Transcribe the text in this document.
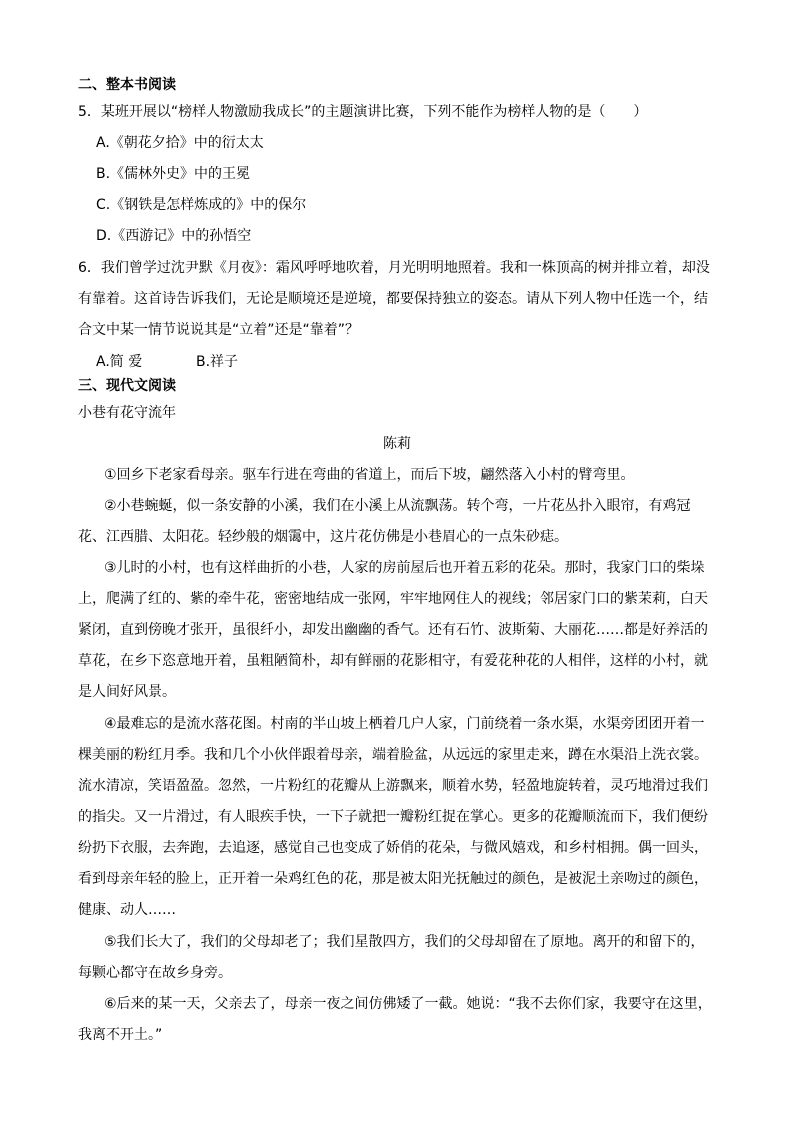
二、整本书阅读
5．某班开展以“榜样人物激励我成长”的主题演讲比赛，下列不能作为榜样人物的是（　　）
A.《朝花夕拾》中的衍太太
B.《儒林外史》中的王冕
C.《钢铁是怎样炼成的》中的保尔
D.《西游记》中的孙悟空
6．我们曾学过沈尹默《月夜》：霜风呼呼地吹着，月光明明地照着。我和一株顶高的树并排立着，却没
有靠着。这首诗告诉我们，无论是顺境还是逆境，都要保持独立的姿态。请从下列人物中任选一个，结
合文中某一情节说说其是“立着”还是“靠着”？
A.简 爱	B.祥子
三、现代文阅读
小巷有花守流年
陈莉
①回乡下老家看母亲。驱车行进在弯曲的省道上，而后下坡，翩然落入小村的臂弯里。
②小巷蜿蜒，似一条安静的小溪，我们在小溪上从流飘荡。转个弯，一片花丛扑入眼帘，有鸡冠
花、江西腊、太阳花。轻纱般的烟霭中，这片花仿佛是小巷眉心的一点朱砂痣。
③儿时的小村，也有这样曲折的小巷，人家的房前屋后也开着五彩的花朵。那时，我家门口的柴垛
上，爬满了红的、紫的牵牛花，密密地结成一张网，牢牢地网住人的视线；邻居家门口的紫茉莉，白天
紧闭，直到傍晚才张开，虽很纤小，却发出幽幽的香气。还有石竹、波斯菊、大丽花……都是好养活的
草花，在乡下恣意地开着，虽粗陋简朴，却有鲜丽的花影相守，有爱花种花的人相伴，这样的小村，就
是人间好风景。
④最难忘的是流水落花图。村南的半山坡上栖着几户人家，门前绕着一条水渠，水渠旁团团开着一
棵美丽的粉红月季。我和几个小伙伴跟着母亲，端着脸盆，从远远的家里走来，蹲在水渠沿上洗衣裳。
流水清凉，笑语盈盈。忽然，一片粉红的花瓣从上游飘来，顺着水势，轻盈地旋转着，灵巧地滑过我们
的指尖。又一片滑过，有人眼疾手快，一下子就把一瓣粉红捉在掌心。更多的花瓣顺流而下，我们便纷
纷扔下衣服，去奔跑，去追逐，感觉自己也变成了娇俏的花朵，与微风嬉戏，和乡村相拥。偶一回头，
看到母亲年轻的脸上，正开着一朵鸡红色的花，那是被太阳光抚触过的颜色，是被泥土亲吻过的颜色，
健康、动人……
⑤我们长大了，我们的父母却老了；我们星散四方，我们的父母却留在了原地。离开的和留下的，
每颗心都守在故乡身旁。
⑥后来的某一天，父亲去了，母亲一夜之间仿佛矮了一截。她说：“我不去你们家，我要守在这里，
我离不开土。”
